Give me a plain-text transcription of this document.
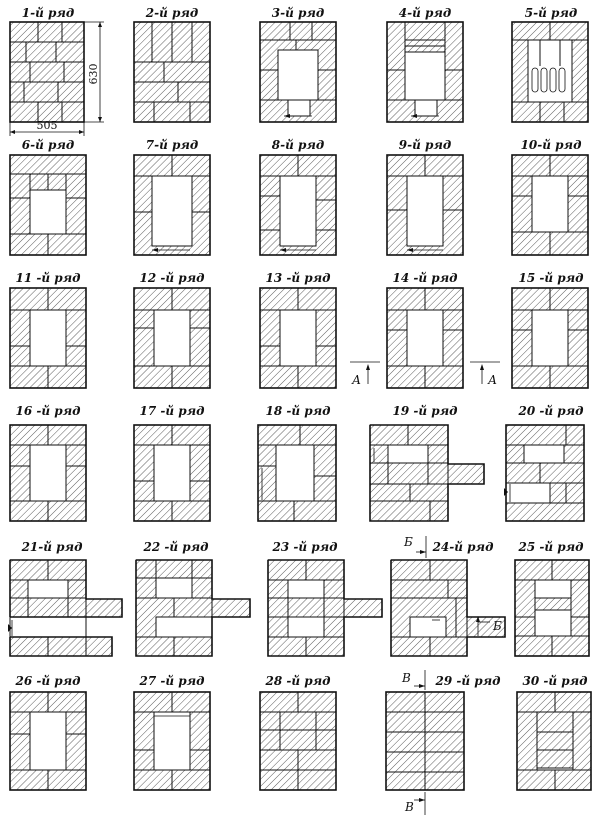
1-й ряд	2-й ряд	3-й ряд	4-й ряд	5-й ряд
6-й ряд	7-й ряд	8-й ряд	9-й ряд	10-й ряд
11 -й ряд	12 -й ряд	13 -й ряд	14 -й ряд	15 -й ряд
16 -й ряд	17 -й ряд	18 -й ряд	19 -й ряд	20 -й ряд
21-й ряд	22 -й ряд	23 -й ряд	24-й ряд 25 -й ряд
26 -й ряд	27 -й ряд	28 -й ряд	29 -й ряд 30 -й ряд
505
630
А	А
Б
Б
В
В
